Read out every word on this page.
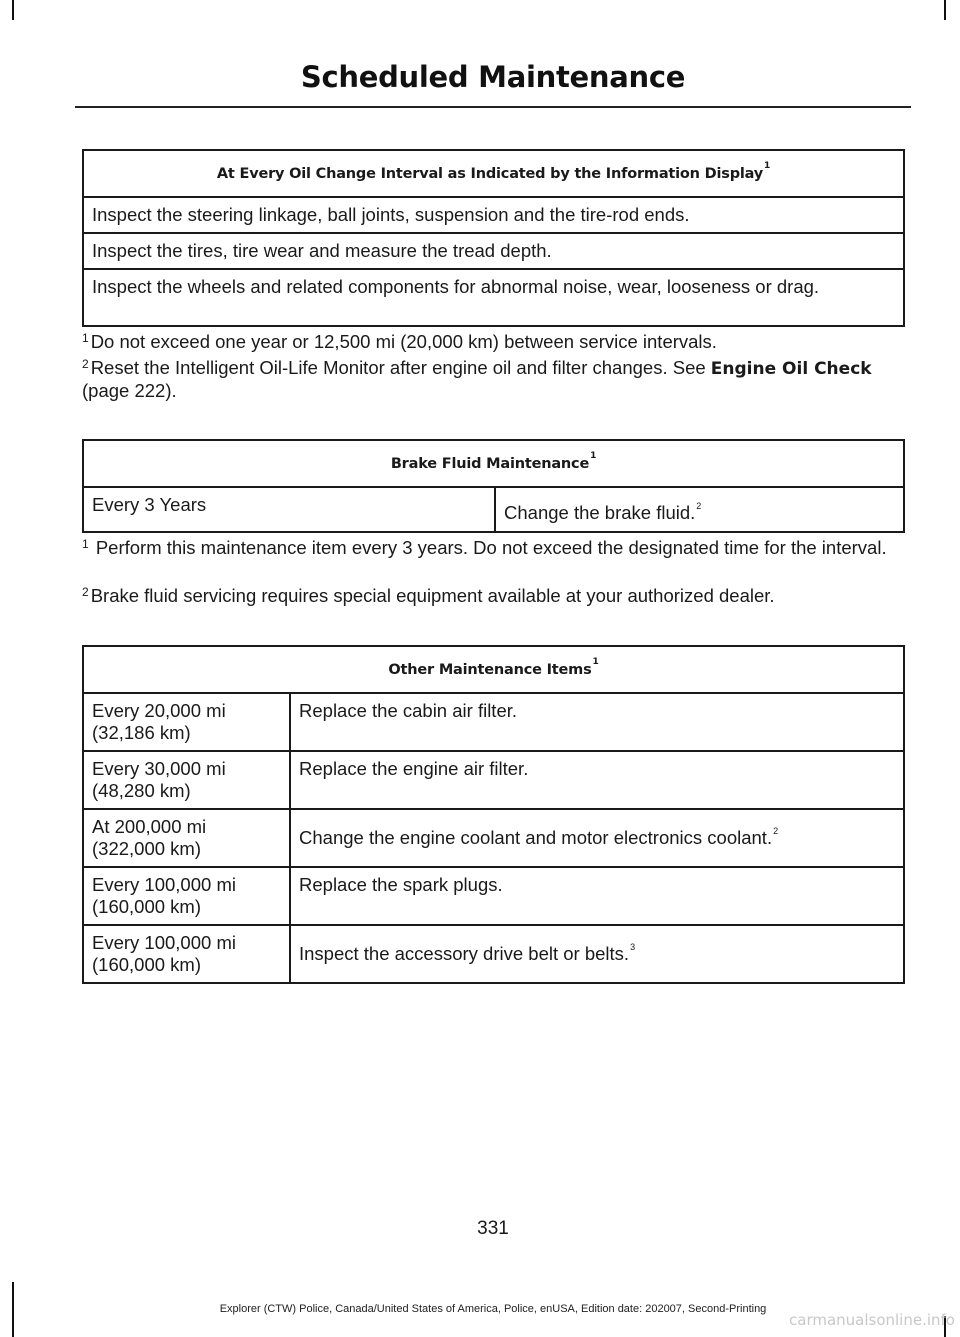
Scheduled Maintenance
At Every Oil Change Interval as Indicated by the Information Display$^1$
Inspect the steering linkage, ball joints, suspension and the tire-rod ends.
Inspect the tires, tire wear and measure the tread depth.
Inspect the wheels and related components for abnormal noise, wear, looseness or drag.
$^1$ Do not exceed one year or 12,500 mi (20,000 km) between service intervals.
$^2$ Reset the Intelligent Oil-Life Monitor after engine oil and filter changes. See Engine Oil Check (page 222).
Brake Fluid Maintenance$^1$
Every 3 Years	Change the brake fluid.$^2$
$^1$ Perform this maintenance item every 3 years. Do not exceed the designated time for the interval.
$^2$ Brake fluid servicing requires special equipment available at your authorized dealer.
Other Maintenance Items$^1$
Every 20,000 mi
(32,186 km)	Replace the cabin air filter.
Every 30,000 mi
(48,280 km)	Replace the engine air filter.
At 200,000 mi
(322,000 km)	Change the engine coolant and motor electronics coolant.$^2$
Every 100,000 mi
(160,000 km)	Replace the spark plugs.
Every 100,000 mi
(160,000 km)	Inspect the accessory drive belt or belts.$^3$
331
Explorer (CTW) Police, Canada/United States of America, Police, enUSA, Edition date: 202007, Second-Printing
carmanualsonline.info
